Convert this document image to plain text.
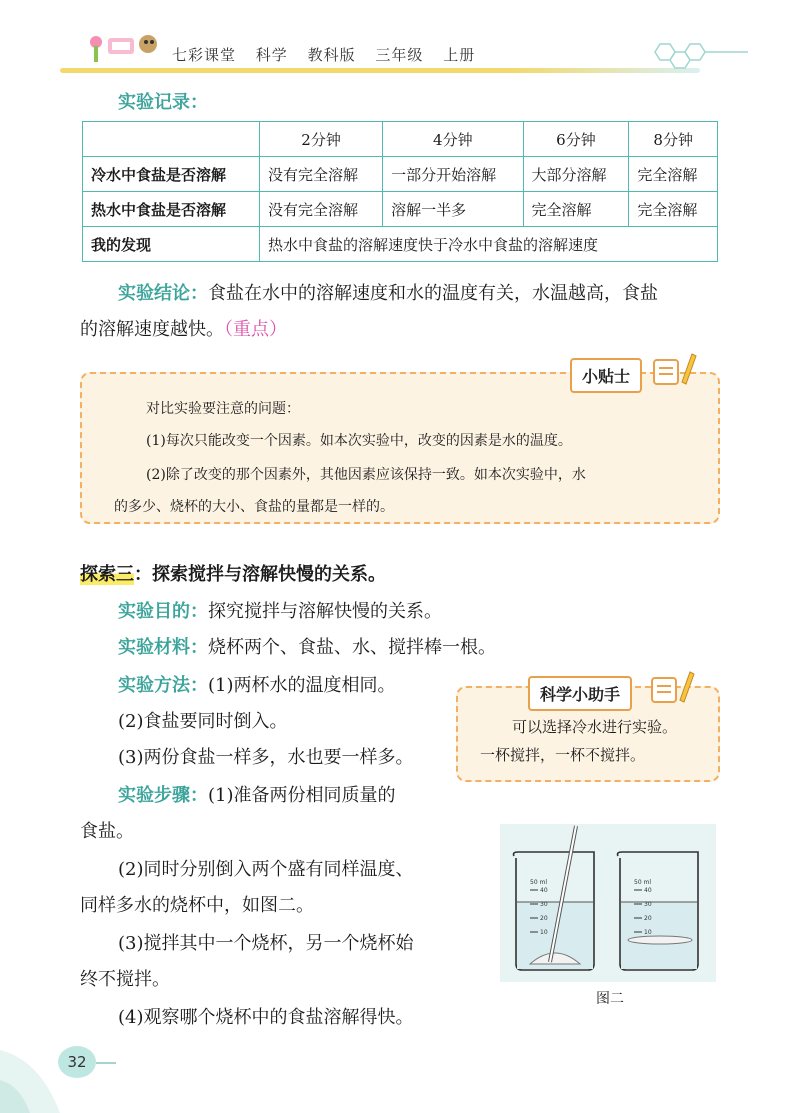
七彩课堂 科学 教科版 三年级 上册
实验记录：
	2分钟	4分钟	6分钟	8分钟
冷水中食盐是否溶解	没有完全溶解	一部分开始溶解	大部分溶解	完全溶解
热水中食盐是否溶解	没有完全溶解	溶解一半多	完全溶解	完全溶解
我的发现	热水中食盐的溶解速度快于冷水中食盐的溶解速度			
实验结论：食盐在水中的溶解速度和水的温度有关，水温越高，食盐
的溶解速度越快。（重点）
对比实验要注意的问题：
(1)每次只能改变一个因素。如本次实验中，改变的因素是水的温度。
(2)除了改变的那个因素外，其他因素应该保持一致。如本次实验中，水
的多少、烧杯的大小、食盐的量都是一样的。
小贴士
探索三：探索搅拌与溶解快慢的关系。
实验目的：探究搅拌与溶解快慢的关系。
实验材料：烧杯两个、食盐、水、搅拌棒一根。
实验方法：(1)两杯水的温度相同。
(2)食盐要同时倒入。
(3)两份食盐一样多，水也要一样多。
实验步骤：(1)准备两份相同质量的
食盐。
(2)同时分别倒入两个盛有同样温度、
同样多水的烧杯中，如图二。
(3)搅拌其中一个烧杯，另一个烧杯始
终不搅拌。
(4)观察哪个烧杯中的食盐溶解得快。
可以选择冷水进行实验。
一杯搅拌，一杯不搅拌。
科学小助手
50 ml
40
30
20
10
50 ml
40
30
20
10
图二
32
